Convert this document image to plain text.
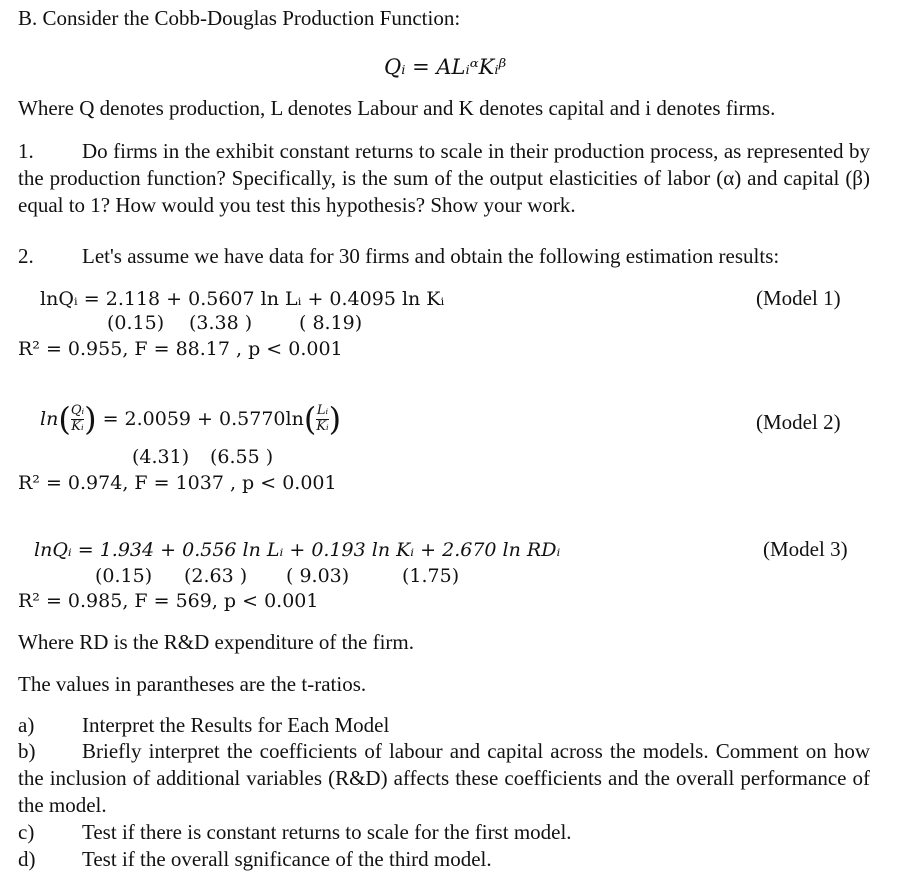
B. Consider the Cobb-Douglas Production Function:
Qᵢ = ALᵢᵅKᵢᵝ
Where Q denotes production, L denotes Labour and K denotes capital and i denotes firms.
1. Do firms in the exhibit constant returns to scale in their production process, as represented by the production function? Specifically, is the sum of the output elasticities of labor (α) and capital (β) equal to 1? How would you test this hypothesis? Show your work.
2. Let's assume we have data for 30 firms and obtain the following estimation results:
lnQᵢ = 2.118 + 0.5607 ln Lᵢ + 0.4095 ln Kᵢ	(Model 1)
(0.15) (3.38 ) ( 8.19)
R² = 0.955, F = 88.17 , p < 0.001
ln ( $\frac{\text{Qᵢ}}{\text{Kᵢ}}$ ) = 2.0059 + 0.5770ln ( $\frac{\text{Lᵢ}}{\text{Kᵢ}}$ )	(Model 2)
(4.31) (6.55 )
R² = 0.974, F = 1037 , p < 0.001
lnQᵢ = 1.934 + 0.556 ln Lᵢ + 0.193 ln Kᵢ + 2.670 ln RDᵢ	(Model 3)
(0.15) (2.63 ) ( 9.03)	(1.75)
R² = 0.985, F = 569, p < 0.001
Where RD is the R&D expenditure of the firm.
The values in parantheses are the t-ratios.
a) Interpret the Results for Each Model
b) Briefly interpret the coefficients of labour and capital across the models. Comment on how the inclusion of additional variables (R&D) affects these coefficients and the overall performance of the model.
c) Test if there is constant returns to scale for the first model.
d) Test if the overall sgnificance of the third model.
